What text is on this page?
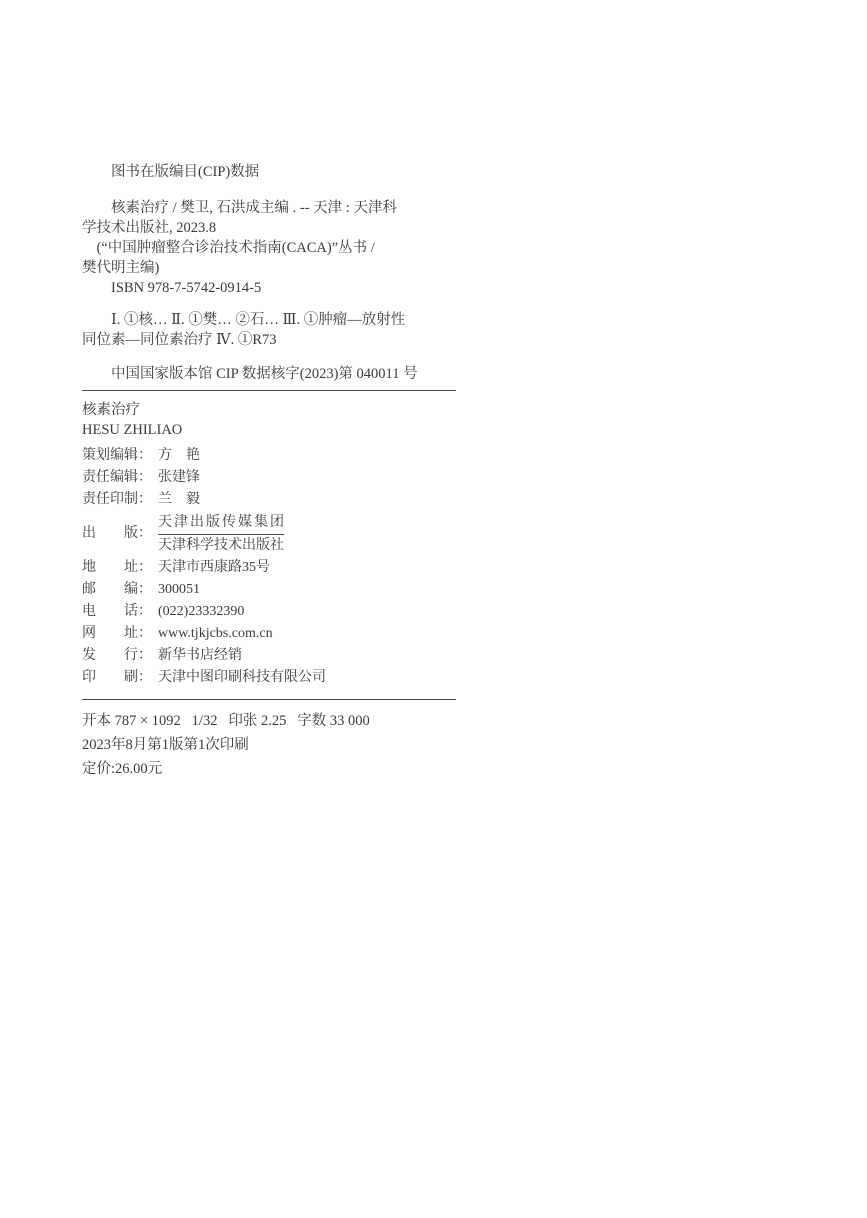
图书在版编目(CIP)数据

核素治疗 / 樊卫, 石洪成主编 . -- 天津 : 天津科

学技术出版社, 2023.8

(“中国肿瘤整合诊治技术指南(CACA)”丛书 /

樊代明主编)

ISBN 978-7-5742-0914-5

Ⅰ. ①核… Ⅱ. ①樊… ②石… Ⅲ. ①肿瘤—放射性

同位素—同位素治疗 Ⅳ. ①R73

中国国家版本馆 CIP 数据核字(2023)第 040011 号

核素治疗
HESU ZHILIAO
策划编辑 ： 方　艳
责任编辑 ： 张建锋
责任印制 ： 兰　毅
出版 ： $\frac{\text{天津出版传媒集团}}{\text{天津科学技术出版社}}$
地址 ： 天津市西康路35号
邮编 ： 300051
电话 ： (022)23332390
网址 ： www.tjkjcbs.com.cn
发行 ： 新华书店经销
印刷 ： 天津中图印刷科技有限公司
开本 787 × 1092   1/32   印张 2.25   字数 33 000
2023年8月第1版第1次印刷
定价:26.00元
